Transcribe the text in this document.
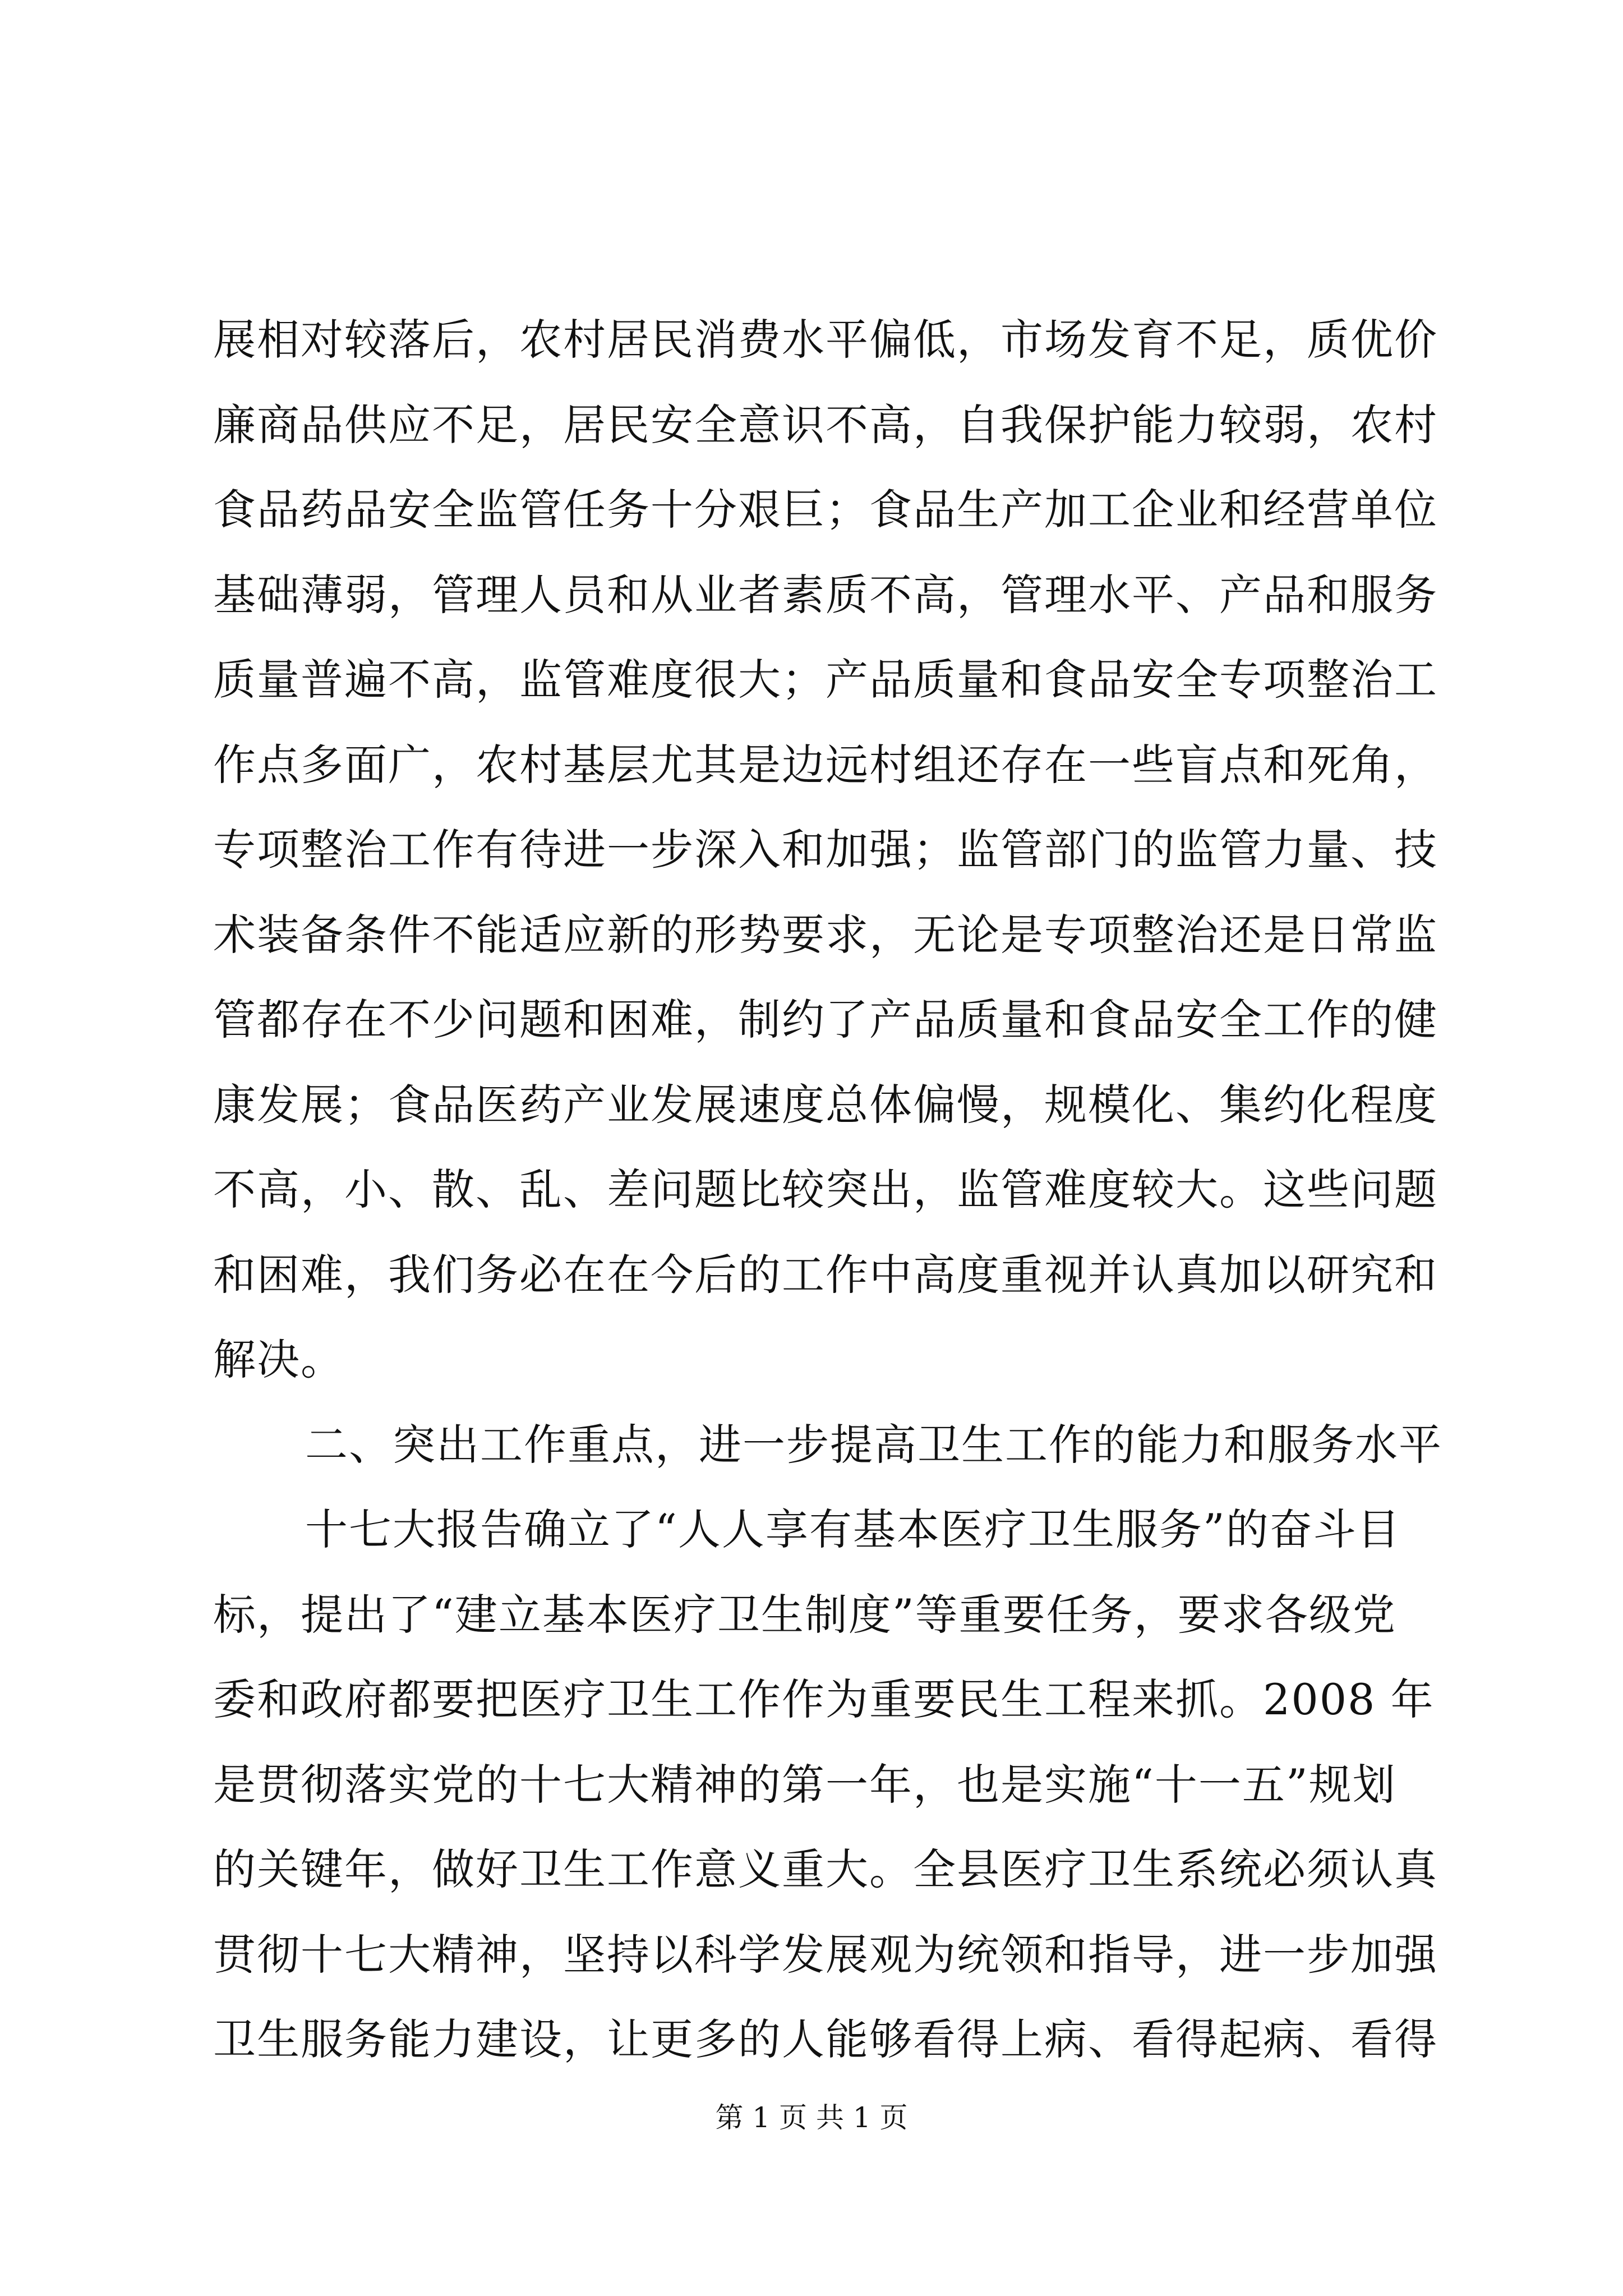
展相对较落后，农村居民消费水平偏低，市场发育不足，质优价
廉商品供应不足，居民安全意识不高，自我保护能力较弱，农村
食品药品安全监管任务十分艰巨；食品生产加工企业和经营单位
基础薄弱，管理人员和从业者素质不高，管理水平、产品和服务
质量普遍不高，监管难度很大；产品质量和食品安全专项整治工
作点多面广，农村基层尤其是边远村组还存在一些盲点和死角，
专项整治工作有待进一步深入和加强；监管部门的监管力量、技
术装备条件不能适应新的形势要求，无论是专项整治还是日常监
管都存在不少问题和困难，制约了产品质量和食品安全工作的健
康发展；食品医药产业发展速度总体偏慢，规模化、集约化程度
不高，小、散、乱、差问题比较突出，监管难度较大。这些问题
和困难，我们务必在在今后的工作中高度重视并认真加以研究和
解决。
二、突出工作重点，进一步提高卫生工作的能力和服务水平
十七大报告确立了“人人享有基本医疗卫生服务”的奋斗目
标，提出了“建立基本医疗卫生制度”等重要任务，要求各级党
委和政府都要把医疗卫生工作作为重要民生工程来抓。2008 年
是贯彻落实党的十七大精神的第一年，也是实施“十一五”规划
的关键年，做好卫生工作意义重大。全县医疗卫生系统必须认真
贯彻十七大精神，坚持以科学发展观为统领和指导，进一步加强
卫生服务能力建设，让更多的人能够看得上病、看得起病、看得
第 1 页 共 1 页
